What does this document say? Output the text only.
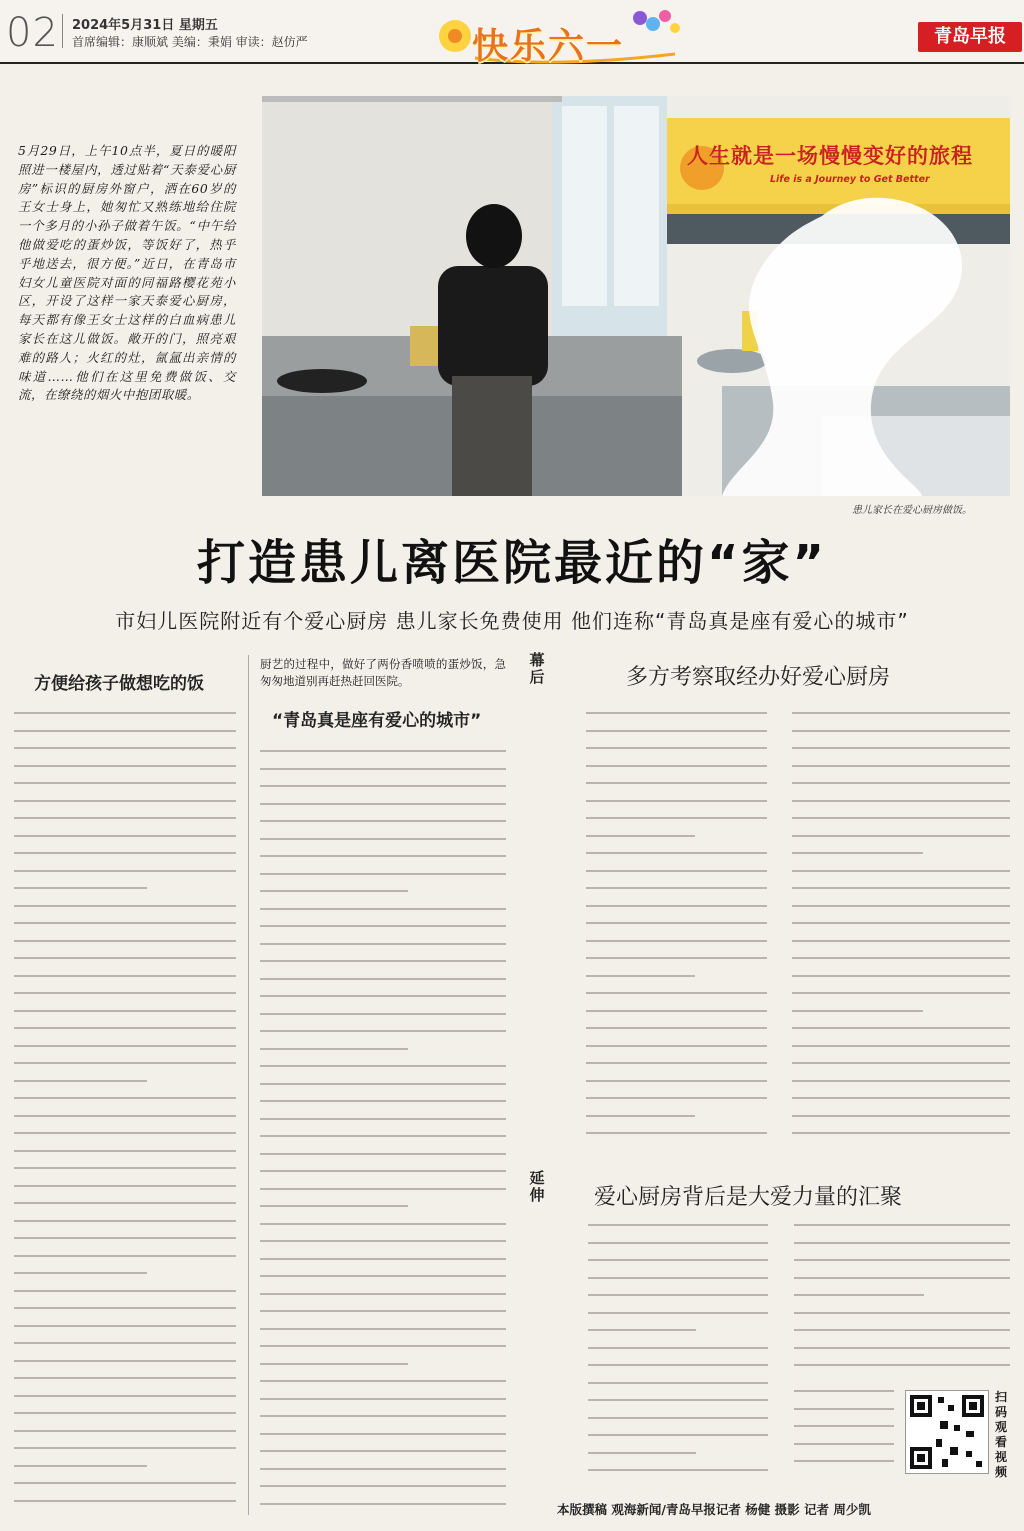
02 2024年5月31日 星期五
首席编辑：康顺斌 美编：秉娟 审读：赵仿严	快乐六一	青岛早报
5月29日，上午10点半，夏日的暖阳照进一楼屋内，透过贴着“天泰爱心厨房”标识的厨房外窗户，洒在60岁的王女士身上，她匆忙又熟练地给住院一个多月的小孙子做着午饭。“中午给他做爱吃的蛋炒饭，等饭好了，热乎乎地送去，很方便。”近日，在青岛市妇女儿童医院对面的同福路樱花苑小区，开设了这样一家天泰爱心厨房，每天都有像王女士这样的白血病患儿家长在这儿做饭。敞开的门，照亮艰难的路人；火红的灶，氤氲出亲情的味道……他们在这里免费做饭、交流，在缭绕的烟火中抱团取暖。
人生就是一场慢慢变好的旅程
Life is a Journey to Get Better
患儿家长在爱心厨房做饭。
打造患儿离医院最近的“家”
市妇儿医院附近有个爱心厨房 患儿家长免费使用 他们连称“青岛真是座有爱心的城市”
方便给孩子做想吃的饭
厨艺的过程中，做好了两份香喷喷的蛋炒饭，急匆匆地道别再赶热赶回医院。
“青岛真是座有爱心的城市”
幕后
延伸
多方考察取经办好爱心厨房
爱心厨房背后是大爱力量的汇聚
扫码观看视频
本版撰稿 观海新闻/青岛早报记者 杨健 摄影 记者 周少凯
